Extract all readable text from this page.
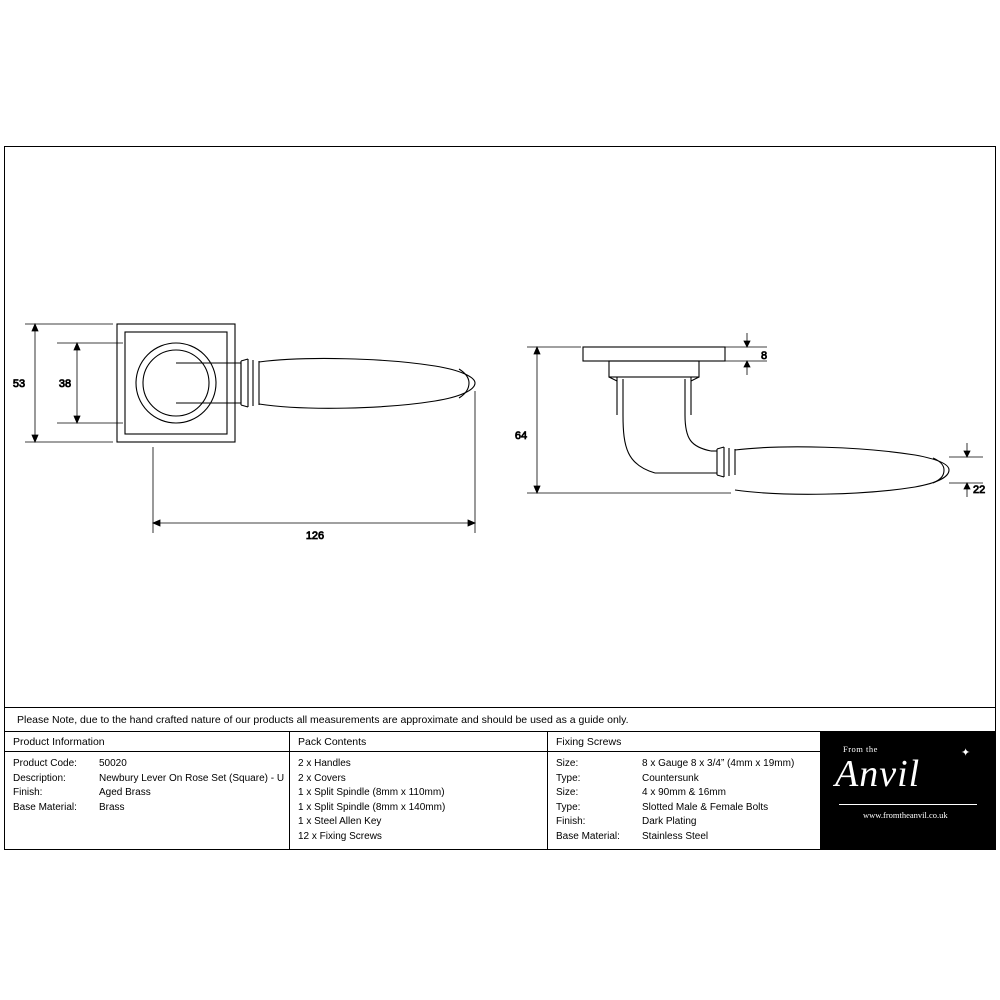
53	38
126
8
64
22
Please Note, due to the hand crafted nature of our products all measurements are approximate and should be used as a guide only.
Product Information
Product Code:	50020
Description:	Newbury Lever On Rose Set (Square) - U
Finish:	Aged Brass
Base Material:	Brass
Pack Contents
2 x Handles
2 x Covers
1 x Split Spindle (8mm x 110mm)
1 x Split Spindle (8mm x 140mm)
1 x Steel Allen Key
12 x Fixing Screws
Fixing Screws
Size:	8 x Gauge 8 x 3/4” (4mm x 19mm)
Type:	Countersunk
Size:	4 x 90mm & 16mm
Type:	Slotted Male & Female Bolts
Finish:	Dark Plating
Base Material:	Stainless Steel
From the	✦
Anvil
www.fromtheanvil.co.uk
